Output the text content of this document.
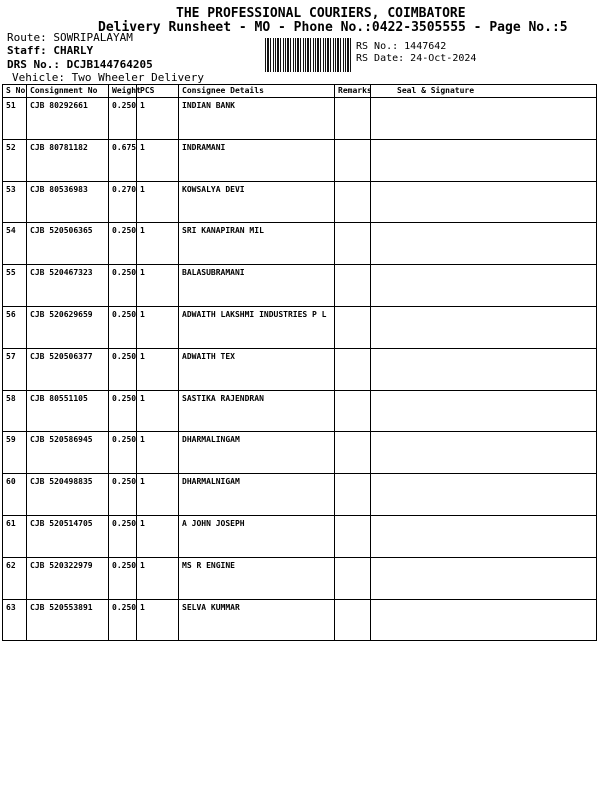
THE PROFESSIONAL COURIERS, COIMBATORE
Delivery Runsheet - MO - Phone No.:0422-3505555 - Page No.:5
Route: SOWRIPALAYAM
Staff: CHARLY
DRS No.: DCJB144764205
Vehicle: Two Wheeler Delivery
RS No.: 1447642
RS Date: 24-Oct-2024
S No	Consignment No	Weight	PCS	Consignee Details	Remarks	Seal & Signature
51	CJB 80292661	0.250	1	INDIAN BANK		
52	CJB 80781182	0.675	1	INDRAMANI		
53	CJB 80536983	0.270	1	KOWSALYA DEVI		
54	CJB 520506365	0.250	1	SRI KANAPIRAN MIL		
55	CJB 520467323	0.250	1	BALASUBRAMANI		
56	CJB 520629659	0.250	1	ADWAITH LAKSHMI INDUSTRIES P L		
57	CJB 520506377	0.250	1	ADWAITH TEX		
58	CJB 80551105	0.250	1	SASTIKA RAJENDRAN		
59	CJB 520586945	0.250	1	DHARMALINGAM		
60	CJB 520498835	0.250	1	DHARMALNIGAM		
61	CJB 520514705	0.250	1	A JOHN JOSEPH		
62	CJB 520322979	0.250	1	MS R ENGINE		
63	CJB 520553891	0.250	1	SELVA KUMMAR		
